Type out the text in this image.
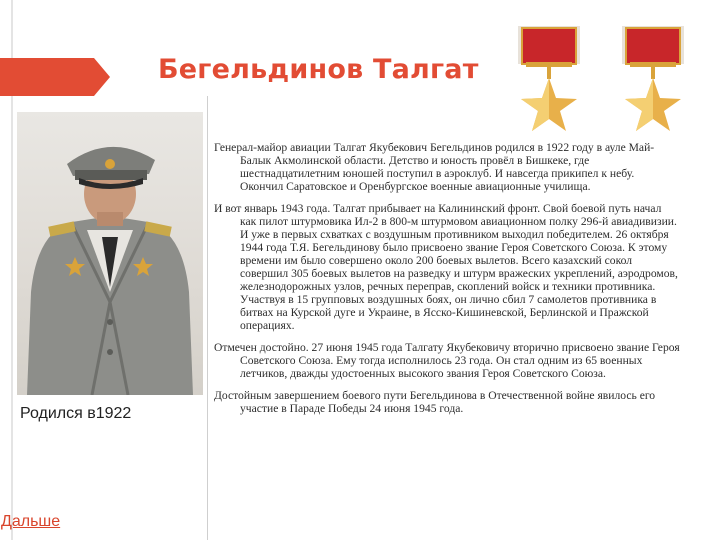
Бегельдинов Талгат
Родился в1922

Генерал-майор авиации Талгат Якубекович Бегельдинов родился в 1922 году в ауле Май-Балык Акмолинской области. Детство и юность провёл в Бишкеке, где шестнадцатилетним юношей поступил в аэроклуб. И навсегда прикипел к небу. Окончил Саратовское и Оренбургское военные авиационные училища.

И вот январь 1943 года. Талгат прибывает на Калининский фронт. Свой боевой путь начал как пилот штурмовика Ил-2 в 800-м штурмовом авиационном полку 296-й авиадивизии. И уже в первых схватках с воздушным противником выходил победителем. 26 октября 1944 года Т.Я. Бегельдинову было присвоено звание Героя Советского Союза. К этому времени им было совершено около 200 боевых вылетов. Всего казахский сокол совершил 305 боевых вылетов на разведку и штурм вражеских укреплений, аэродромов, железнодорожных узлов, речных переправ, скоплений войск и техники противника. Участвуя в 15 групповых воздушных боях, он лично сбил 7 самолетов противника в битвах на Курской дуге и Украине, в Ясско-Кишиневской, Берлинской и Пражской операциях.

Отмечен достойно. 27 июня 1945 года Талгату Якубековичу вторично присвоено звание Героя Советского Союза. Ему тогда исполнилось 23 года. Он стал одним из 65 военных летчиков, дважды удостоенных высокого звания Героя Советского Союза.

Достойным завершением боевого пути Бегельдинова в Отечественной войне явилось его участие в Параде Победы 24 июня 1945 года.

Дальше
